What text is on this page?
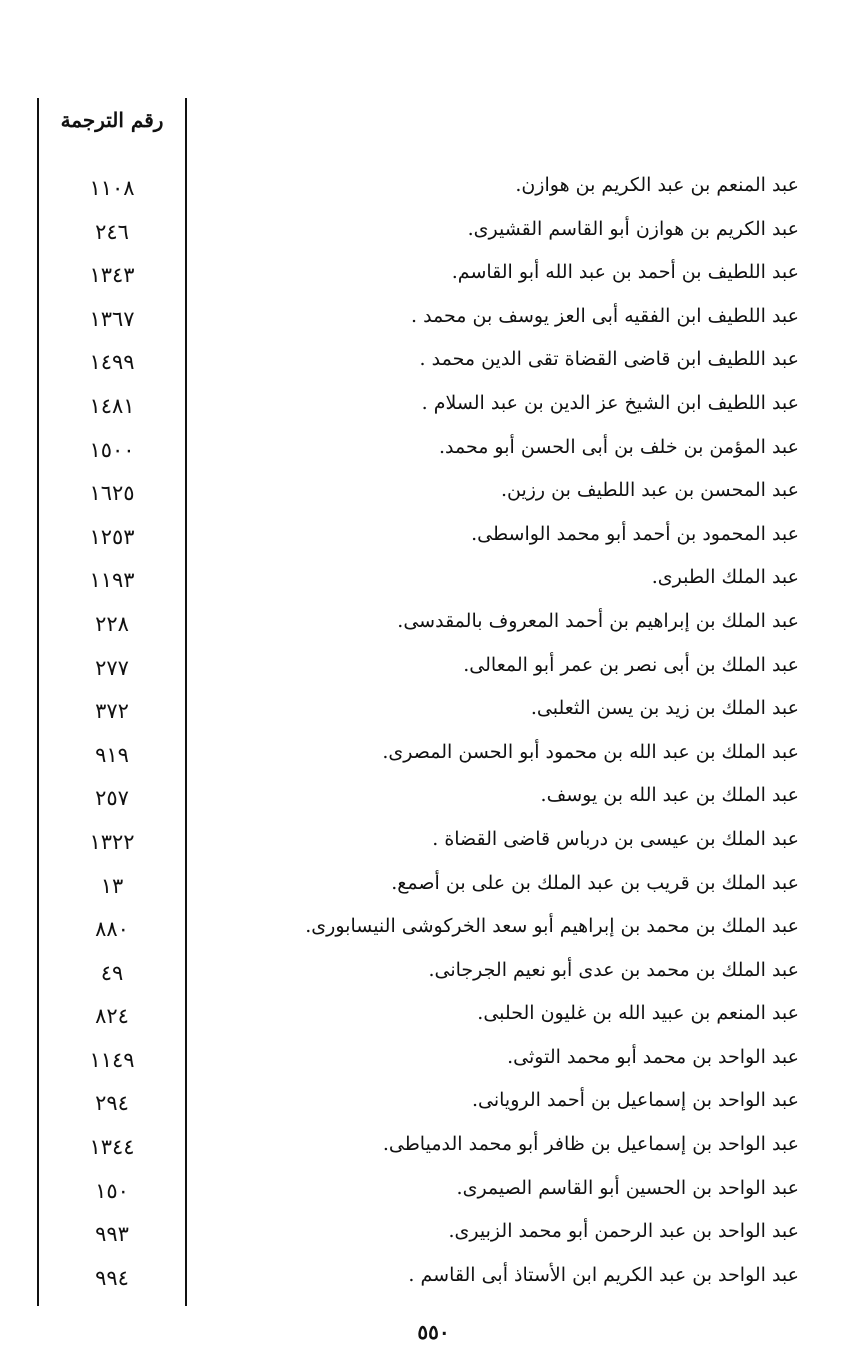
رقم الترجمة
عبد المنعم بن عبد الكريم بن هوازن.
١١٠٨
عبد الكريم بن هوازن أبو القاسم القشيرى.
٢٤٦
عبد اللطيف بن أحمد بن عبد الله أبو القاسم.
١٣٤٣
عبد اللطيف ابن الفقيه أبى العز يوسف بن محمد .
١٣٦٧
عبد اللطيف ابن قاضى القضاة تقى الدين محمد .
١٤٩٩
عبد اللطيف ابن الشيخ عز الدين بن عبد السلام .
١٤٨١
عبد المؤمن بن خلف بن أبى الحسن أبو محمد.
١٥٠٠
عبد المحسن بن عبد اللطيف بن رزين.
١٦٢٥
عبد المحمود بن أحمد أبو محمد الواسطى.
١٢٥٣
عبد الملك الطبرى.
١١٩٣
عبد الملك بن إبراهيم بن أحمد المعروف بالمقدسى.
٢٢٨
عبد الملك بن أبى نصر بن عمر أبو المعالى.
٢٧٧
عبد الملك بن زيد بن يسن الثعلبى.
٣٧٢
عبد الملك بن عبد الله بن محمود أبو الحسن المصرى.
٩١٩
عبد الملك بن عبد الله بن يوسف.
٢٥٧
عبد الملك بن عيسى بن درباس قاضى القضاة .
١٣٢٢
عبد الملك بن قريب بن عبد الملك بن على بن أصمع.
١٣
عبد الملك بن محمد بن إبراهيم أبو سعد الخركوشى النيسابورى.
٨٨٠
عبد الملك بن محمد بن عدى أبو نعيم الجرجانى.
٤٩
عبد المنعم بن عبيد الله بن غليون الحلبى.
٨٢٤
عبد الواحد بن محمد أبو محمد التوثى.
١١٤٩
عبد الواحد بن إسماعيل بن أحمد الرويانى.
٢٩٤
عبد الواحد بن إسماعيل بن ظافر أبو محمد الدمياطى.
١٣٤٤
عبد الواحد بن الحسين أبو القاسم الصيمرى.
١٥٠
عبد الواحد بن عبد الرحمن أبو محمد الزبيرى.
٩٩٣
عبد الواحد بن عبد الكريم ابن الأستاذ أبى القاسم .
٩٩٤
٥٥٠
